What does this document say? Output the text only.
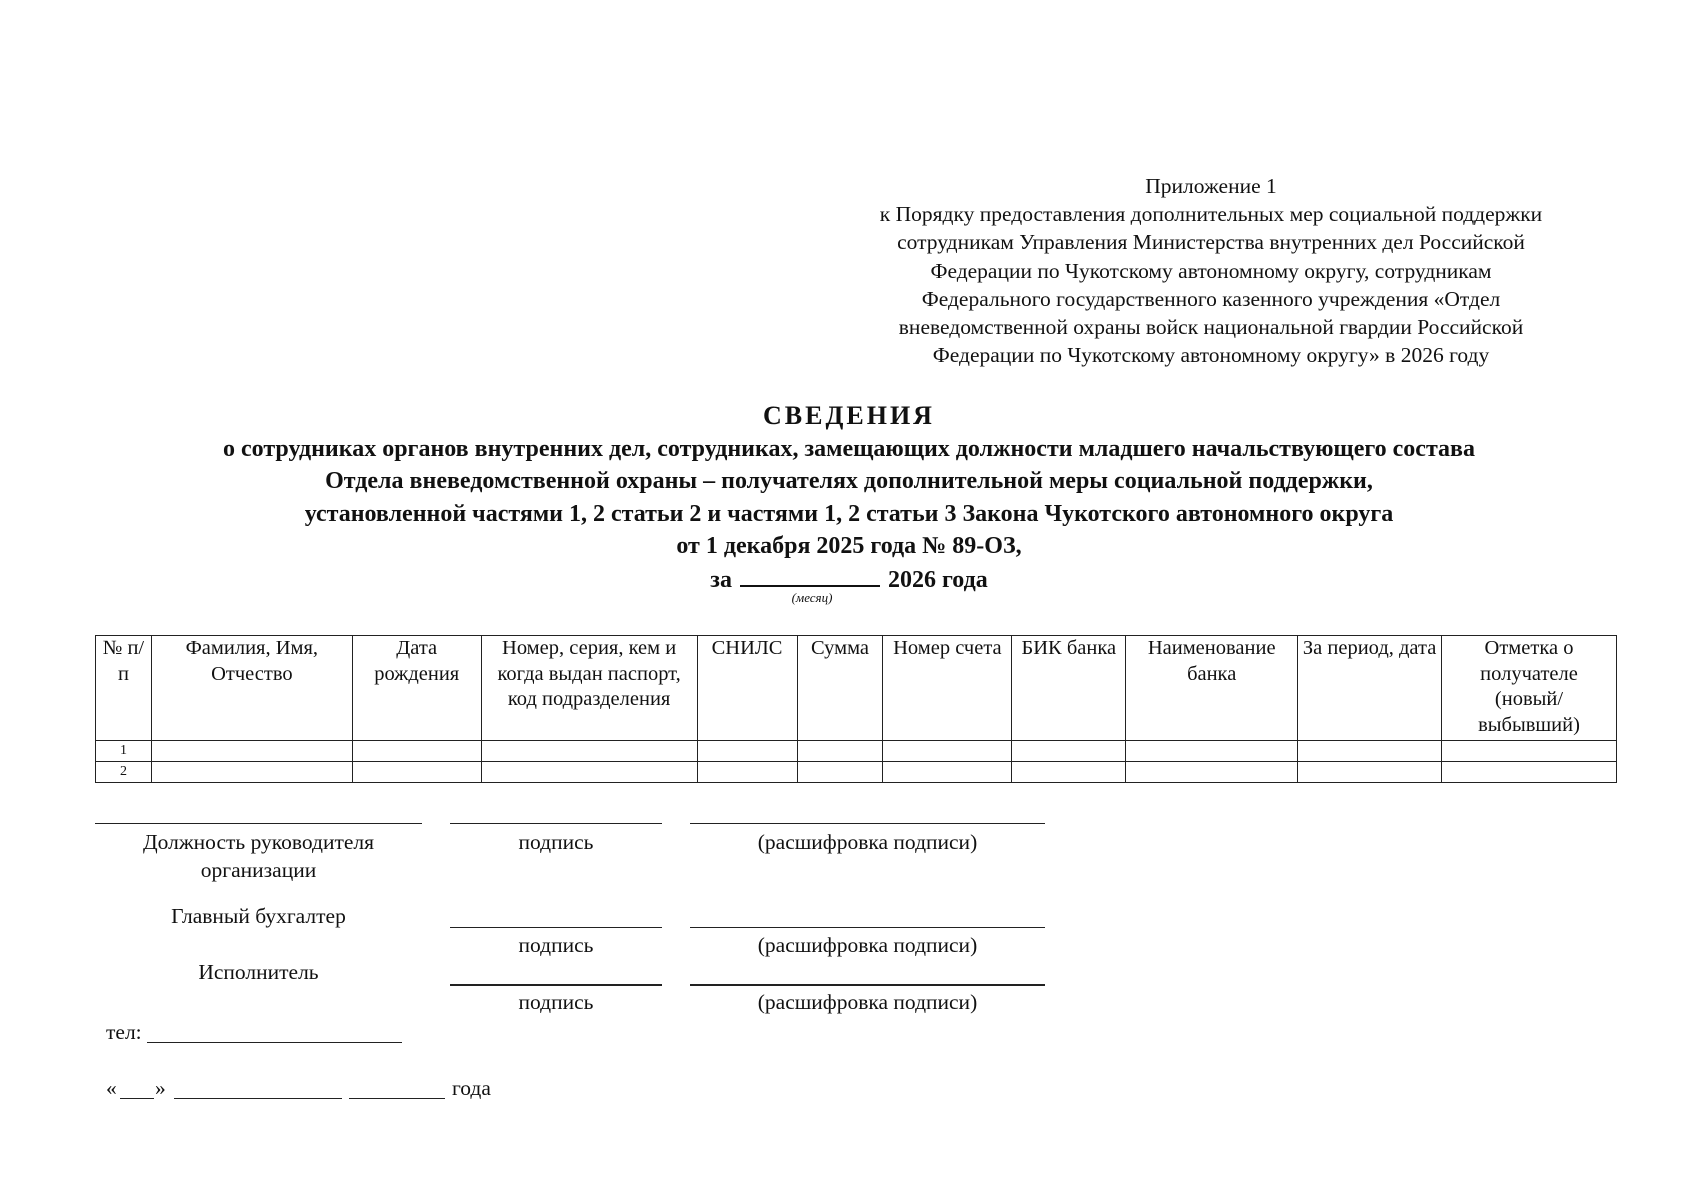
Приложение 1
к Порядку предоставления дополнительных мер социальной поддержки
сотрудникам Управления Министерства внутренних дел Российской
Федерации по Чукотскому автономному округу, сотрудникам
Федерального государственного казенного учреждения «Отдел
вневедомственной охраны войск национальной гвардии Российской
Федерации по Чукотскому автономному округу» в 2026 году
СВЕДЕНИЯ
о сотрудниках органов внутренних дел, сотрудниках, замещающих должности младшего начальствующего состава
Отдела вневедомственной охраны – получателях дополнительной меры социальной поддержки,
установленной частями 1, 2 статьи 2 и частями 1, 2 статьи 3 Закона Чукотского автономного округа
от 1 декабря 2025 года № 89-ОЗ,
за	2026 года
(месяц)
№ п/п	Фамилия, Имя, Отчество	Дата рождения	Номер, серия, кем и когда выдан паспорт, код подразделения	СНИЛС	Сумма	Номер счета	БИК банка	Наименование банка	За период, дата	Отметка о получателе (новый/выбывший)
1										
2										
Должность руководителя организации
подпись	(расшифровка подписи)
Главный бухгалтер
подпись	(расшифровка подписи)
Исполнитель
подпись	(расшифровка подписи)
тел:
« »	года
